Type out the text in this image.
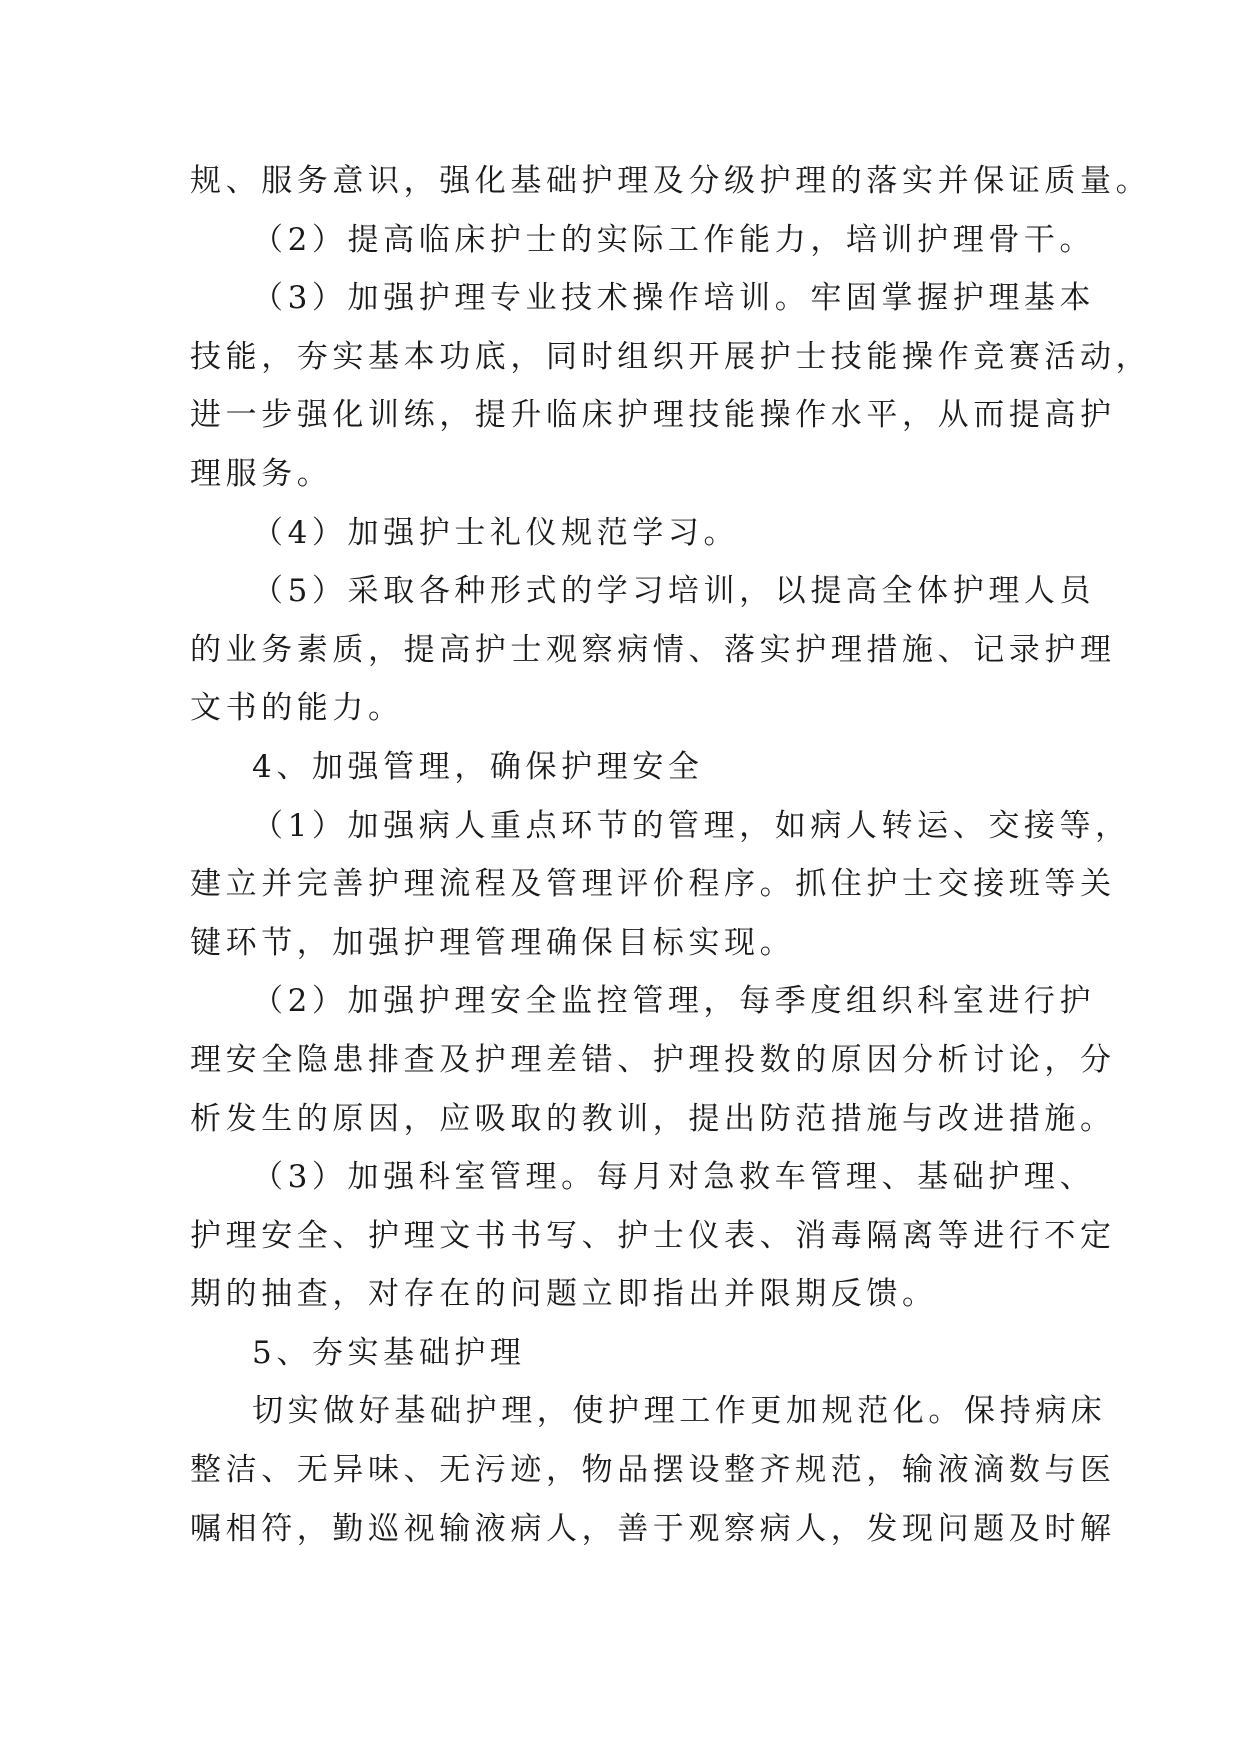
规、服务意识，强化基础护理及分级护理的落实并保证质量。

（2）提高临床护士的实际工作能力，培训护理骨干。

（3）加强护理专业技术操作培训。牢固掌握护理基本

技能，夯实基本功底，同时组织开展护士技能操作竞赛活动，

进一步强化训练，提升临床护理技能操作水平，从而提高护

理服务。

（4）加强护士礼仪规范学习。

（5）采取各种形式的学习培训，以提高全体护理人员

的业务素质，提高护士观察病情、落实护理措施、记录护理

文书的能力。

4、加强管理，确保护理安全

（1）加强病人重点环节的管理，如病人转运、交接等，

建立并完善护理流程及管理评价程序。抓住护士交接班等关

键环节，加强护理管理确保目标实现。

（2）加强护理安全监控管理，每季度组织科室进行护

理安全隐患排查及护理差错、护理投数的原因分析讨论，分

析发生的原因，应吸取的教训，提出防范措施与改进措施。

（3）加强科室管理。每月对急救车管理、基础护理、

护理安全、护理文书书写、护士仪表、消毒隔离等进行不定

期的抽查，对存在的问题立即指出并限期反馈。

5、夯实基础护理

切实做好基础护理，使护理工作更加规范化。保持病床

整洁、无异味、无污迹，物品摆设整齐规范，输液滴数与医

嘱相符，勤巡视输液病人，善于观察病人，发现问题及时解
